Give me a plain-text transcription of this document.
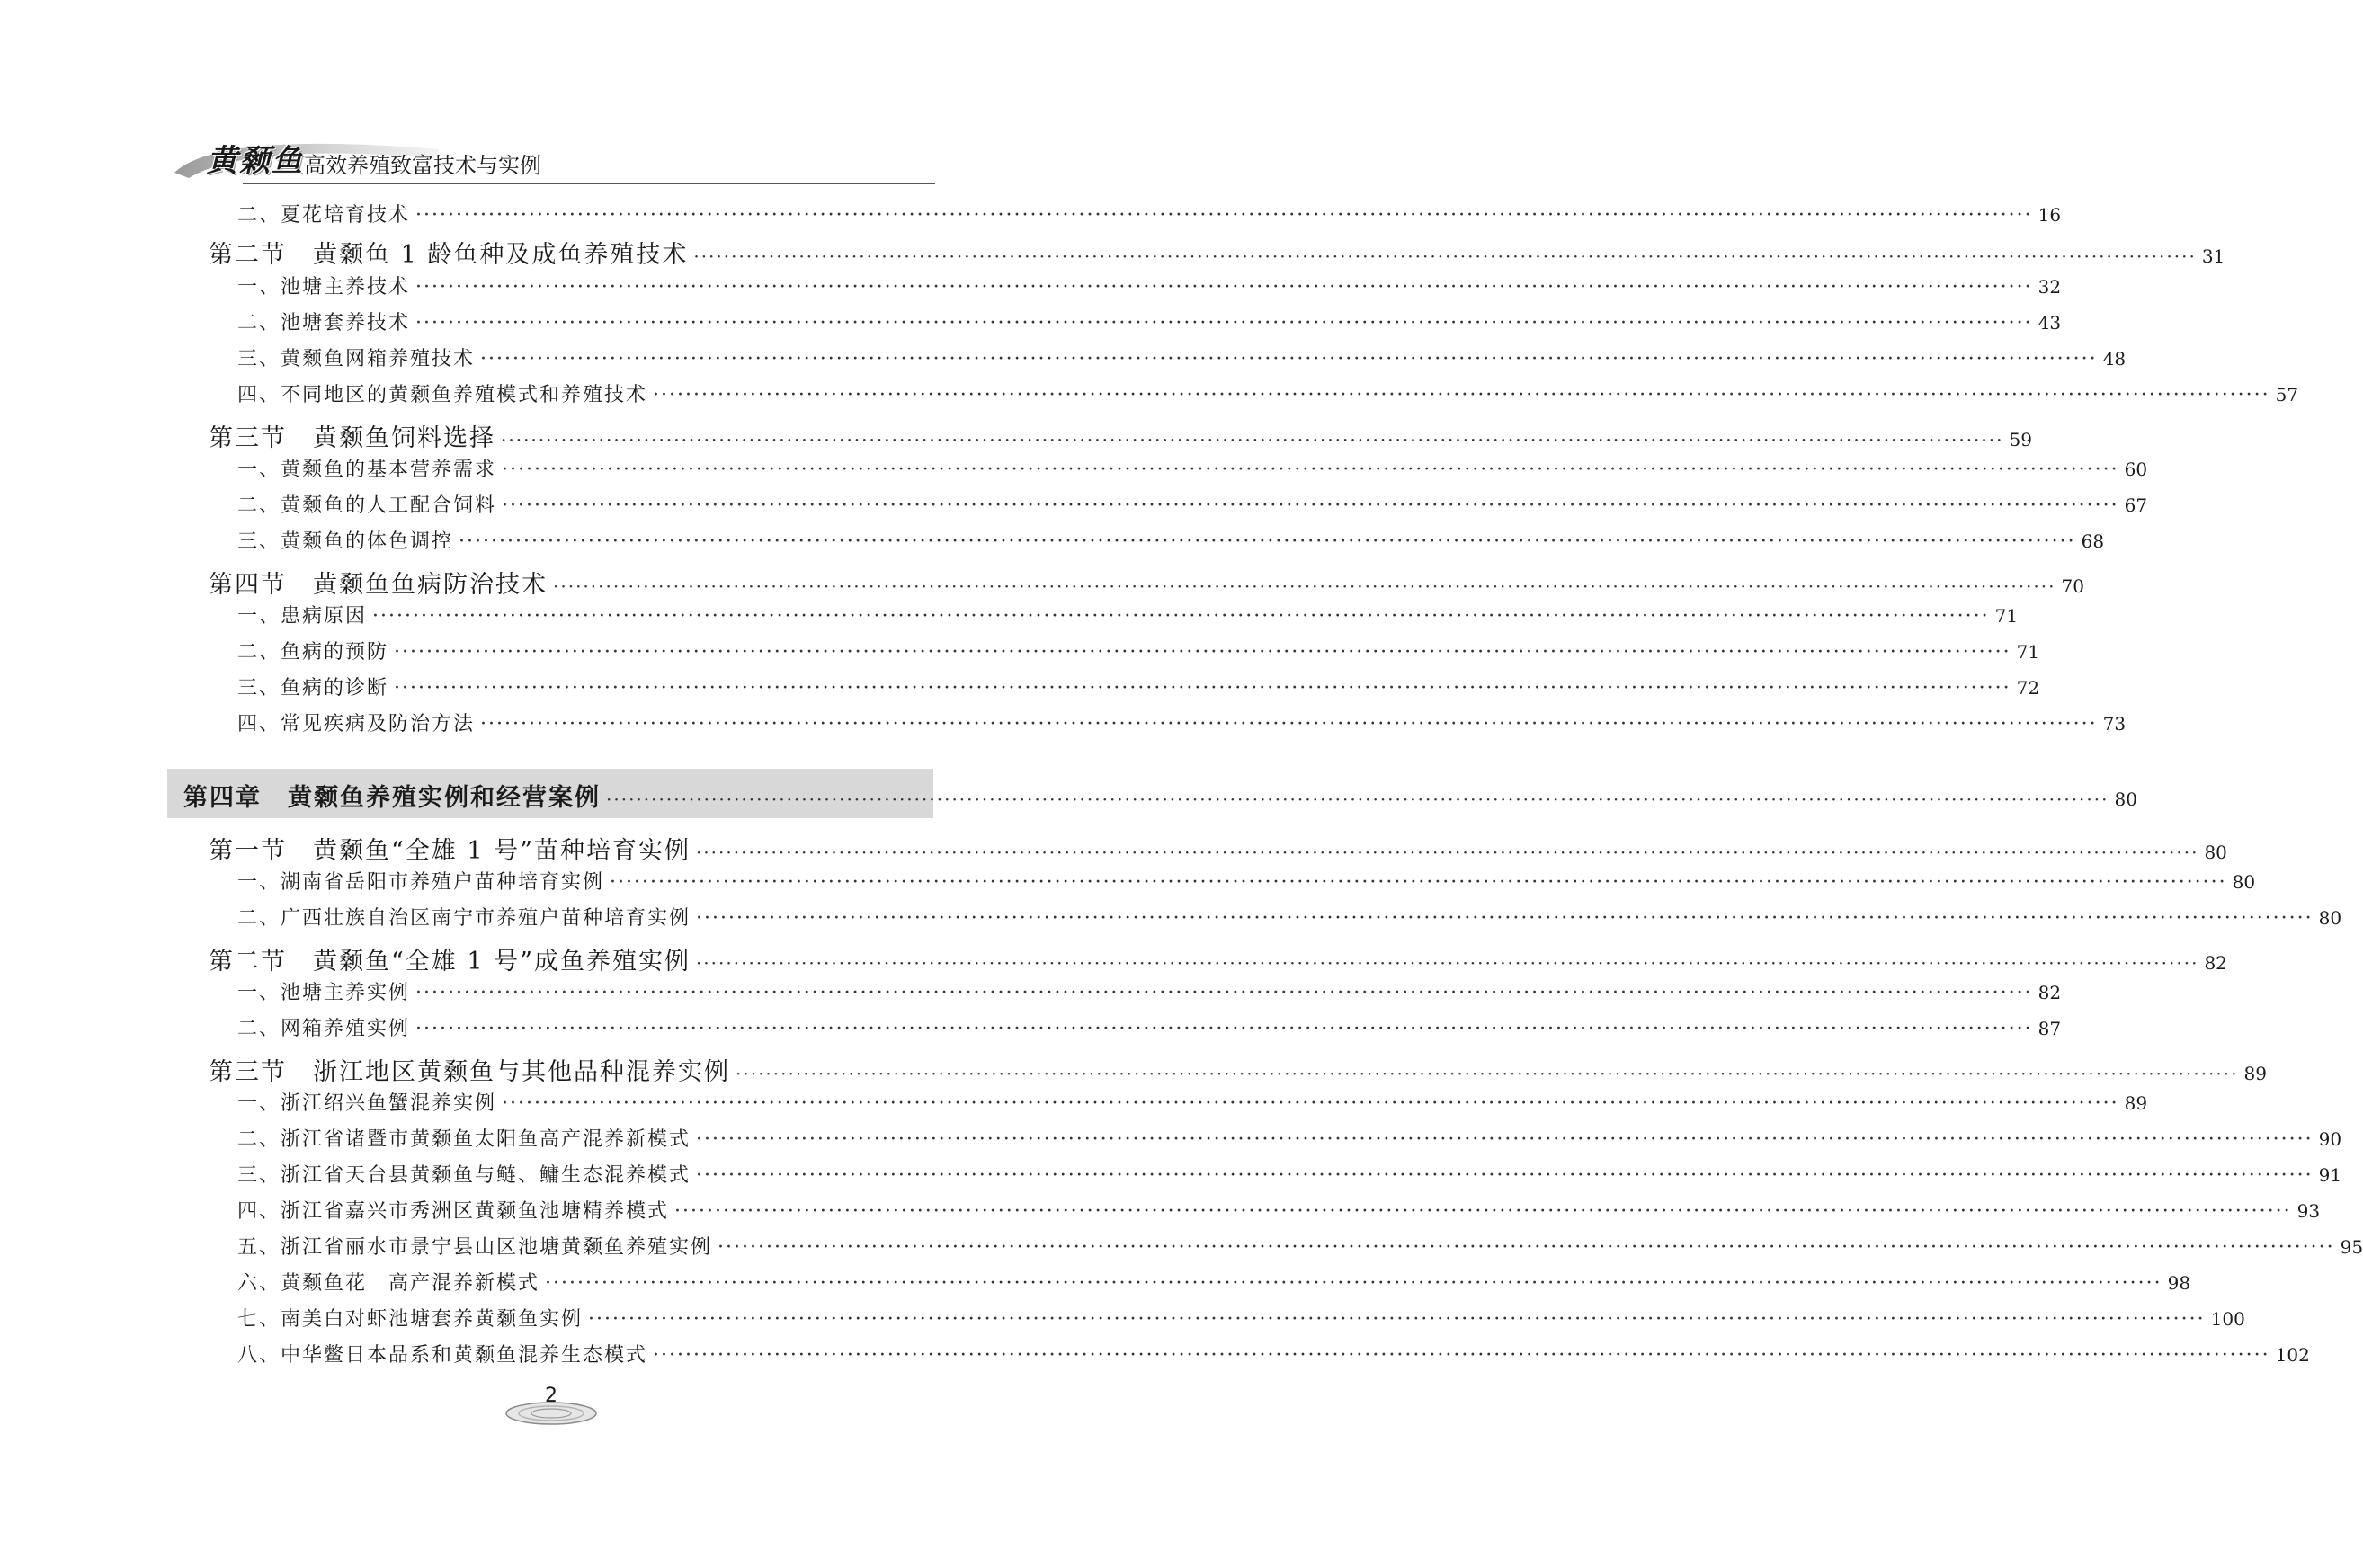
黄颡鱼 高效养殖致富技术与实例
二、夏花培育技术 ········································································································································································································ 16
第二节　黄颡鱼 1 龄鱼种及成鱼养殖技术 ········································································································································································································ 31
一、池塘主养技术 ········································································································································································································ 32
二、池塘套养技术 ········································································································································································································ 43
三、黄颡鱼网箱养殖技术 ········································································································································································································ 48
四、不同地区的黄颡鱼养殖模式和养殖技术 ········································································································································································································ 57
第三节　黄颡鱼饲料选择 ········································································································································································································ 59
一、黄颡鱼的基本营养需求 ········································································································································································································ 60
二、黄颡鱼的人工配合饲料 ········································································································································································································ 67
三、黄颡鱼的体色调控 ········································································································································································································ 68
第四节　黄颡鱼鱼病防治技术 ········································································································································································································ 70
一、患病原因 ········································································································································································································ 71
二、鱼病的预防 ········································································································································································································ 71
三、鱼病的诊断 ········································································································································································································ 72
四、常见疾病及防治方法 ········································································································································································································ 73
第四章　黄颡鱼养殖实例和经营案例 ········································································································································································································ 80
第一节　黄颡鱼“全雄 1 号”苗种培育实例 ········································································································································································································ 80
一、湖南省岳阳市养殖户苗种培育实例 ········································································································································································································ 80
二、广西壮族自治区南宁市养殖户苗种培育实例 ········································································································································································································ 80
第二节　黄颡鱼“全雄 1 号”成鱼养殖实例 ········································································································································································································ 82
一、池塘主养实例 ········································································································································································································ 82
二、网箱养殖实例 ········································································································································································································ 87
第三节　浙江地区黄颡鱼与其他品种混养实例 ········································································································································································································ 89
一、浙江绍兴鱼蟹混养实例 ········································································································································································································ 89
二、浙江省诸暨市黄颡鱼太阳鱼高产混养新模式 ········································································································································································································ 90
三、浙江省天台县黄颡鱼与鲢、鳙生态混养模式 ········································································································································································································ 91
四、浙江省嘉兴市秀洲区黄颡鱼池塘精养模式 ········································································································································································································ 93
五、浙江省丽水市景宁县山区池塘黄颡鱼养殖实例 ········································································································································································································ 95
六、黄颡鱼花　高产混养新模式 ········································································································································································································ 98
七、南美白对虾池塘套养黄颡鱼实例 ········································································································································································································ 100
八、中华鳖日本品系和黄颡鱼混养生态模式 ········································································································································································································ 102
2
